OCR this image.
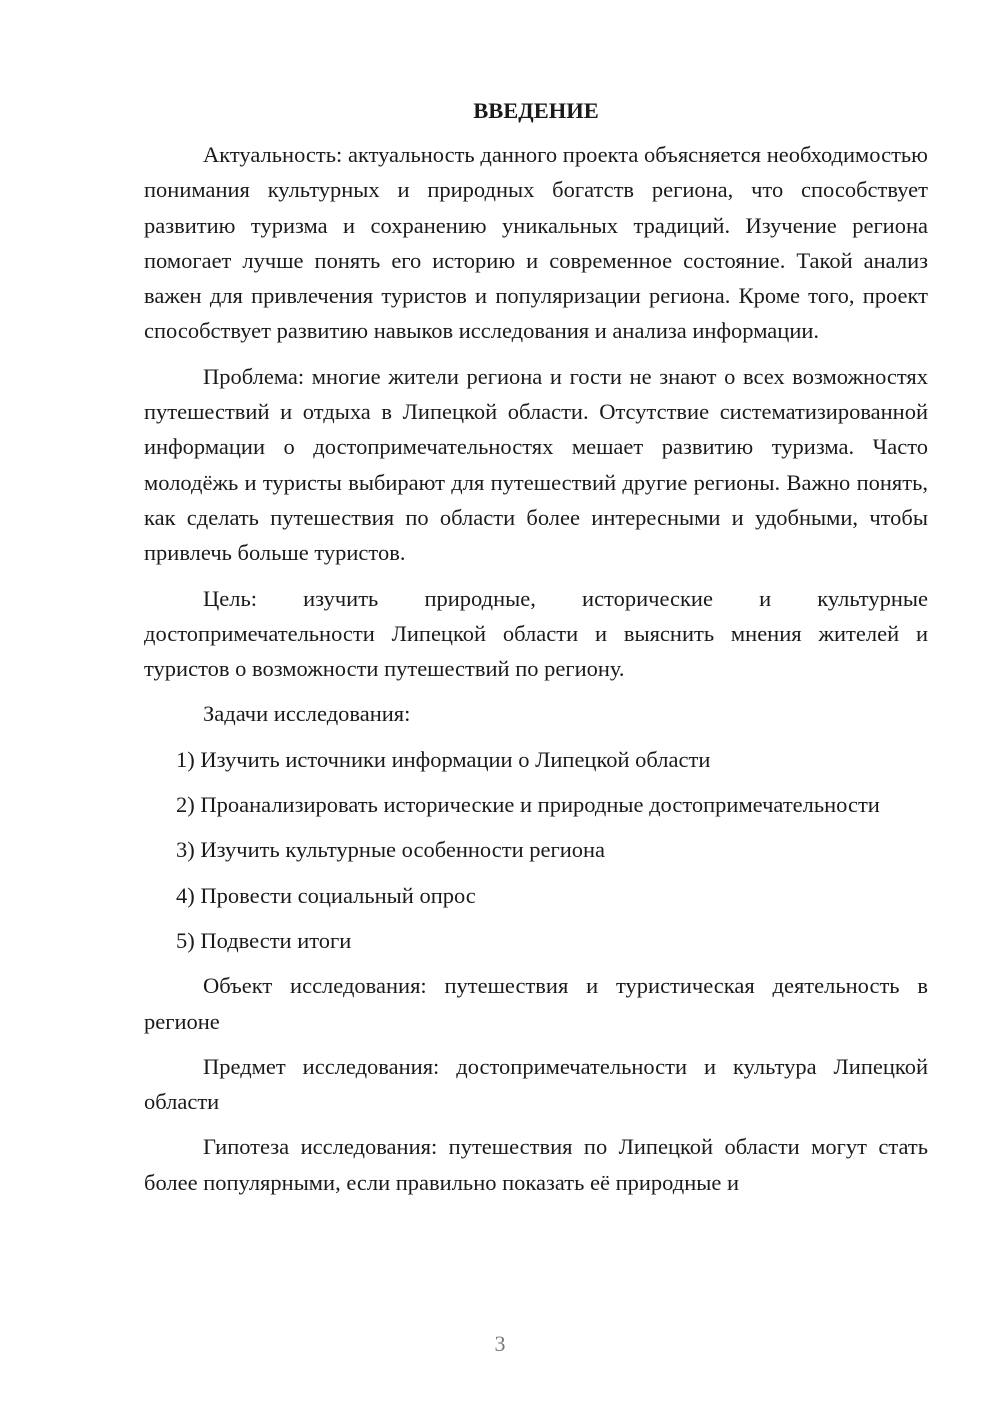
ВВЕДЕНИЕ

Актуальность: актуальность данного проекта объясняется необходимостью понимания культурных и природных богатств региона, что способствует развитию туризма и сохранению уникальных традиций. Изучение региона помогает лучше понять его историю и современное состояние. Такой анализ важен для привлечения туристов и популяризации региона. Кроме того, проект способствует развитию навыков исследования и анализа информации.

Проблема: многие жители региона и гости не знают о всех возможностях путешествий и отдыха в Липецкой области. Отсутствие систематизированной информации о достопримечательностях мешает развитию туризма. Часто молодёжь и туристы выбирают для путешествий другие регионы. Важно понять, как сделать путешествия по области более интересными и удобными, чтобы привлечь больше туристов.

Цель: изучить природные, исторические и культурные достопримечательности Липецкой области и выяснить мнения жителей и туристов о возможности путешествий по региону.

Задачи исследования:

1) Изучить источники информации о Липецкой области

2) Проанализировать исторические и природные достопримечательности

3) Изучить культурные особенности региона

4) Провести социальный опрос

5) Подвести итоги

Объект исследования: путешествия и туристическая деятельность в регионе

Предмет исследования: достопримечательности и культура Липецкой области

Гипотеза исследования: путешествия по Липецкой области могут стать более популярными, если правильно показать её природные и

3
